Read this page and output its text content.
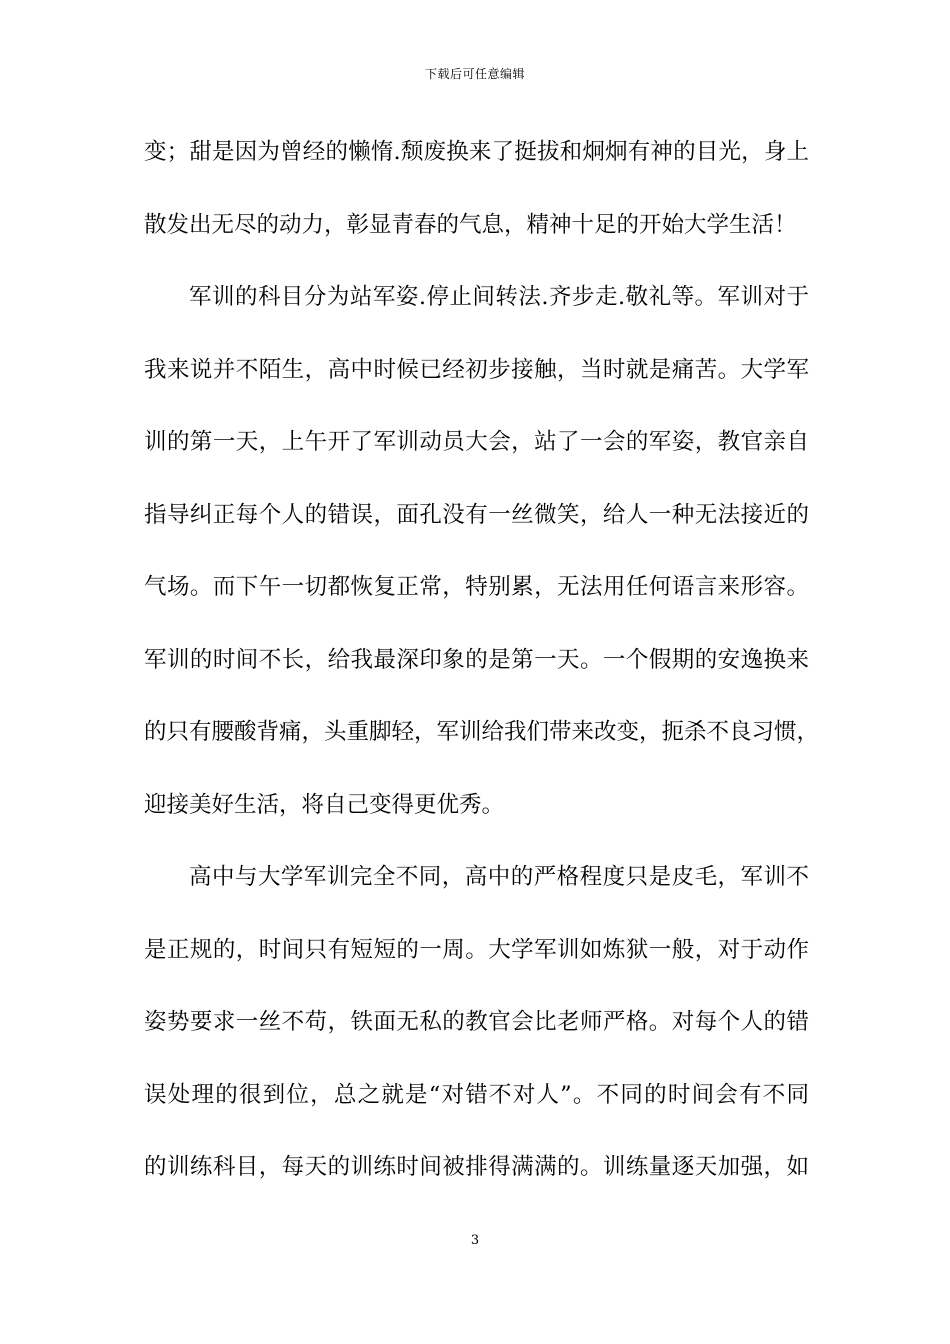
下载后可任意编辑
变；甜是因为曾经的懒惰.颓废换来了挺拔和炯炯有神的目光，身上
散发出无尽的动力，彰显青春的气息，精神十足的开始大学生活！
军训的科目分为站军姿.停止间转法.齐步走.敬礼等。军训对于
我来说并不陌生，高中时候已经初步接触，当时就是痛苦。大学军
训的第一天，上午开了军训动员大会，站了一会的军姿，教官亲自
指导纠正每个人的错误，面孔没有一丝微笑，给人一种无法接近的
气场。而下午一切都恢复正常，特别累，无法用任何语言来形容。
军训的时间不长，给我最深印象的是第一天。一个假期的安逸换来
的只有腰酸背痛，头重脚轻，军训给我们带来改变，扼杀不良习惯，
迎接美好生活，将自己变得更优秀。
高中与大学军训完全不同，高中的严格程度只是皮毛，军训不
是正规的，时间只有短短的一周。大学军训如炼狱一般，对于动作
姿势要求一丝不苟，铁面无私的教官会比老师严格。对每个人的错
误处理的很到位，总之就是“对错不对人”。不同的时间会有不同
的训练科目，每天的训练时间被排得满满的。训练量逐天加强，如
3
